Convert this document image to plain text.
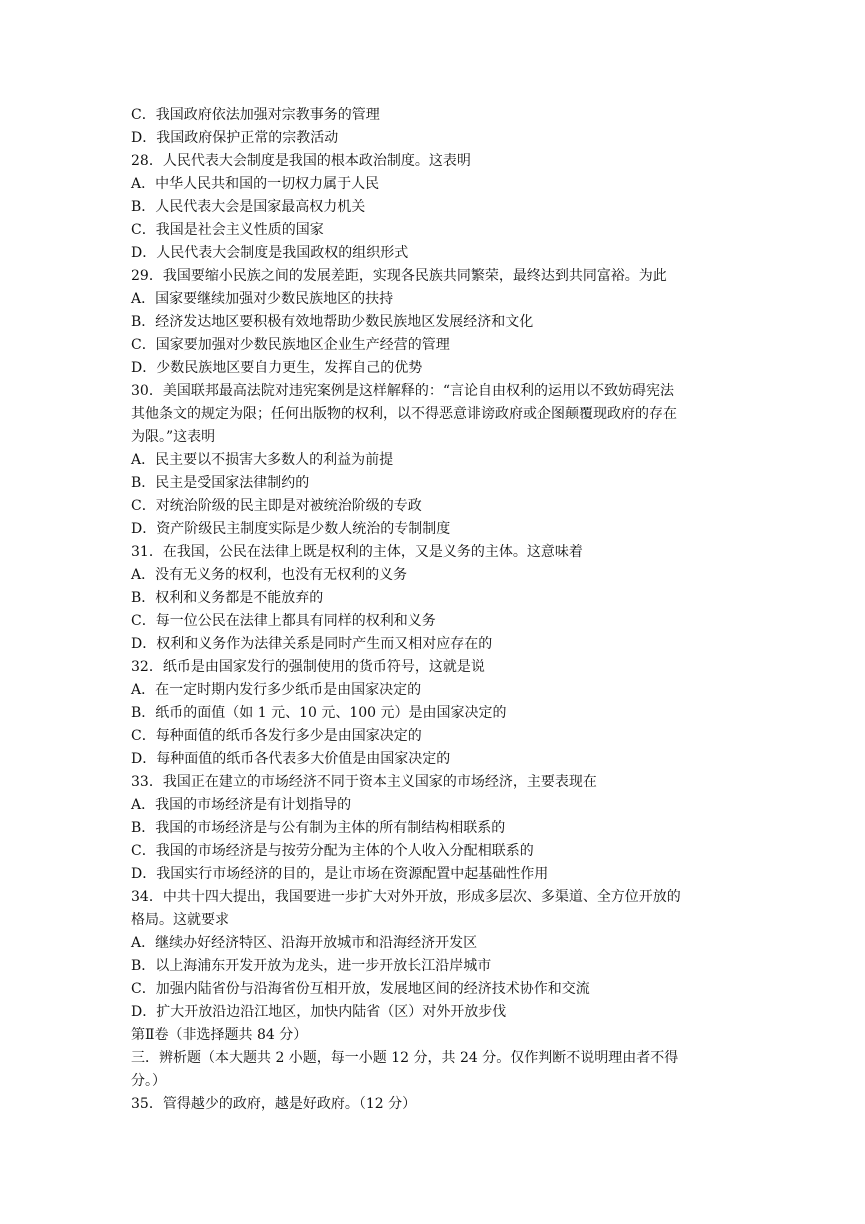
C．我国政府依法加强对宗教事务的管理
D．我国政府保护正常的宗教活动
28．人民代表大会制度是我国的根本政治制度。这表明
A．中华人民共和国的一切权力属于人民
B．人民代表大会是国家最高权力机关
C．我国是社会主义性质的国家
D．人民代表大会制度是我国政权的组织形式
29．我国要缩小民族之间的发展差距，实现各民族共同繁荣，最终达到共同富裕。为此
A．国家要继续加强对少数民族地区的扶持
B．经济发达地区要积极有效地帮助少数民族地区发展经济和文化
C．国家要加强对少数民族地区企业生产经营的管理
D．少数民族地区要自力更生，发挥自己的优势
30．美国联邦最高法院对违宪案例是这样解释的：“言论自由权利的运用以不致妨碍宪法
其他条文的规定为限；任何出版物的权利，以不得恶意诽谤政府或企图颠覆现政府的存在
为限。”这表明
A．民主要以不损害大多数人的利益为前提
B．民主是受国家法律制约的
C．对统治阶级的民主即是对被统治阶级的专政
D．资产阶级民主制度实际是少数人统治的专制制度
31．在我国，公民在法律上既是权利的主体，又是义务的主体。这意味着
A．没有无义务的权利，也没有无权利的义务
B．权利和义务都是不能放弃的
C．每一位公民在法律上都具有同样的权利和义务
D．权利和义务作为法律关系是同时产生而又相对应存在的
32．纸币是由国家发行的强制使用的货币符号，这就是说
A．在一定时期内发行多少纸币是由国家决定的
B．纸币的面值（如 1 元、10 元、100 元）是由国家决定的
C．每种面值的纸币各发行多少是由国家决定的
D．每种面值的纸币各代表多大价值是由国家决定的
33．我国正在建立的市场经济不同于资本主义国家的市场经济，主要表现在
A．我国的市场经济是有计划指导的
B．我国的市场经济是与公有制为主体的所有制结构相联系的
C．我国的市场经济是与按劳分配为主体的个人收入分配相联系的
D．我国实行市场经济的目的，是让市场在资源配置中起基础性作用
34．中共十四大提出，我国要进一步扩大对外开放，形成多层次、多渠道、全方位开放的
格局。这就要求
A．继续办好经济特区、沿海开放城市和沿海经济开发区
B．以上海浦东开发开放为龙头，进一步开放长江沿岸城市
C．加强内陆省份与沿海省份互相开放，发展地区间的经济技术协作和交流
D．扩大开放沿边沿江地区，加快内陆省（区）对外开放步伐
第Ⅱ卷（非选择题共 84 分）
三．辨析题（本大题共 2 小题，每一小题 12 分，共 24 分。仅作判断不说明理由者不得
分。）
35．管得越少的政府，越是好政府。（12 分）
